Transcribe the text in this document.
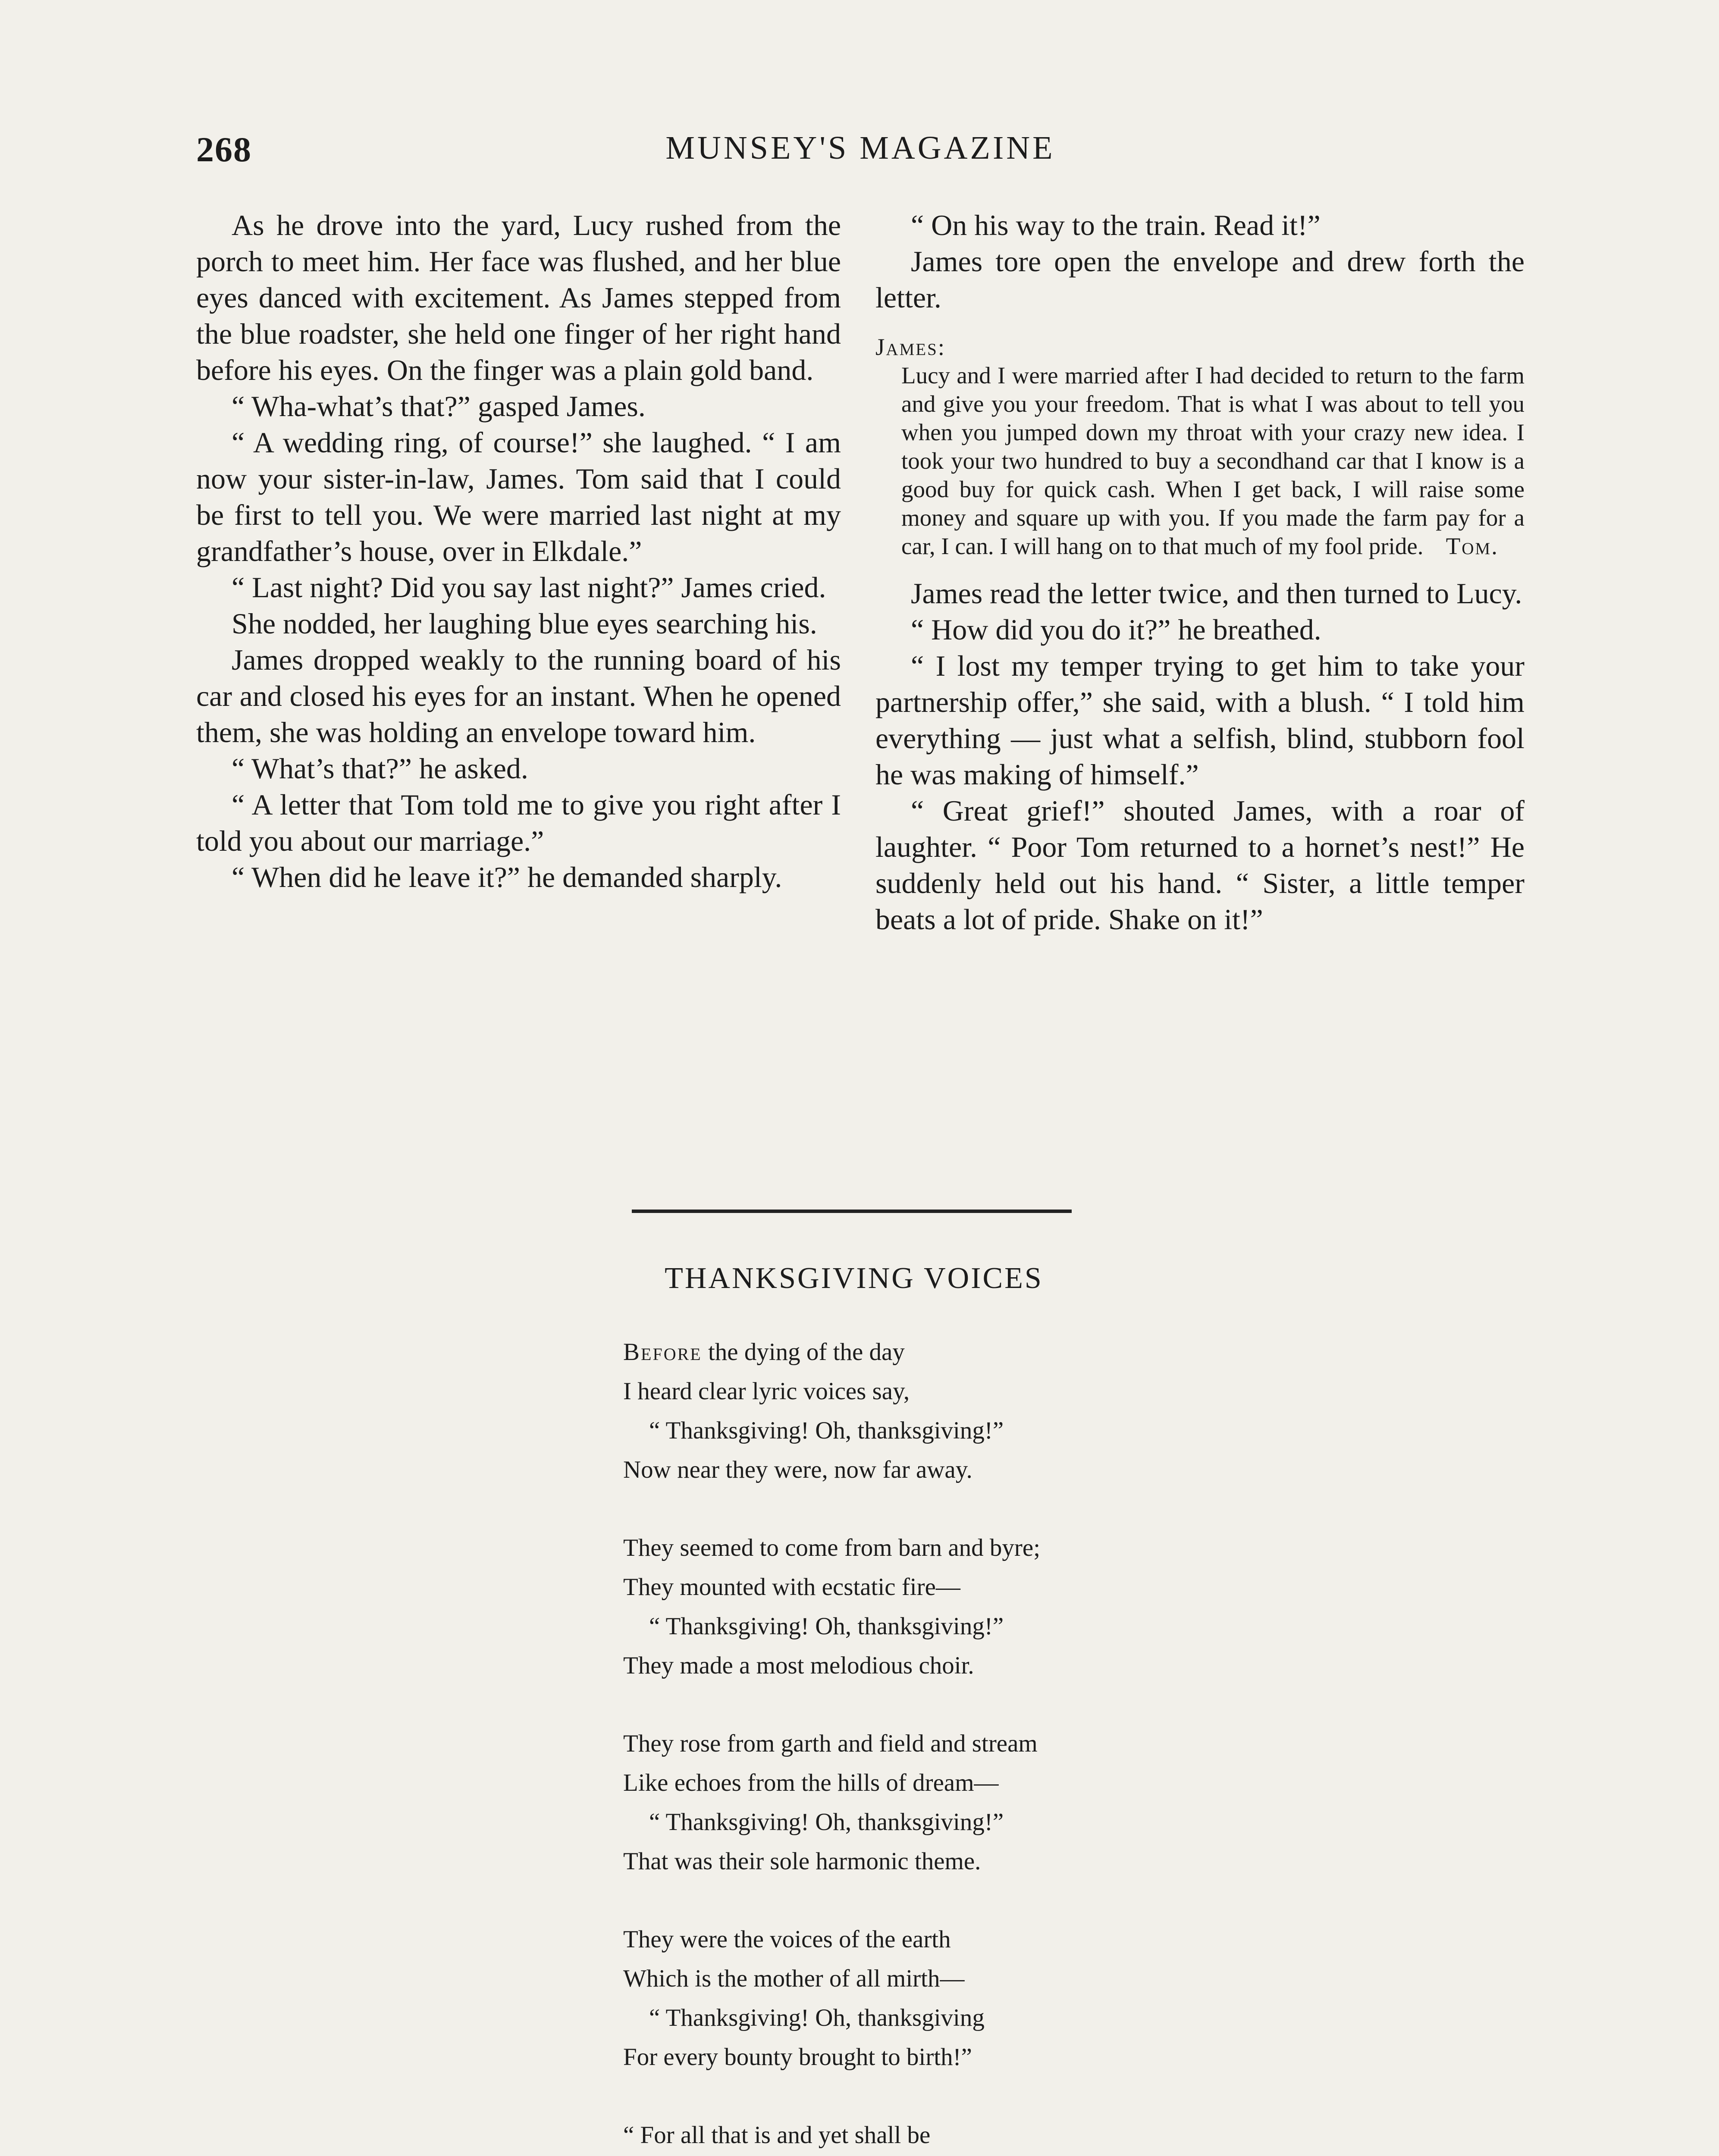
268	MUNSEY'S MAGAZINE

As he drove into the yard, Lucy rushed from the porch to meet him. Her face was flushed, and her blue eyes danced with excitement. As James stepped from the blue roadster, she held one finger of her right hand before his eyes. On the finger was a plain gold band.

“ Wha-what’s that?” gasped James.

“ A wedding ring, of course!” she laughed. “ I am now your sister-in-law, James. Tom said that I could be first to tell you. We were married last night at my grandfather’s house, over in Elkdale.”

“ Last night? Did you say last night?” James cried.

She nodded, her laughing blue eyes searching his.

James dropped weakly to the running board of his car and closed his eyes for an instant. When he opened them, she was holding an envelope toward him.

“ What’s that?” he asked.

“ A letter that Tom told me to give you right after I told you about our marriage.”

“ When did he leave it?” he demanded sharply.

“ On his way to the train. Read it!”

James tore open the envelope and drew forth the letter.

James:

Lucy and I were married after I had decided to return to the farm and give you your freedom. That is what I was about to tell you when you jumped down my throat with your crazy new idea. I took your two hundred to buy a secondhand car that I know is a good buy for quick cash. When I get back, I will raise some money and square up with you. If you made the farm pay for a car, I can. I will hang on to that much of my fool pride. Tom.

James read the letter twice, and then turned to Lucy.

“ How did you do it?” he breathed.

“ I lost my temper trying to get him to take your partnership offer,” she said, with a blush. “ I told him everything — just what a selfish, blind, stubborn fool he was making of himself.”

“ Great grief!” shouted James, with a roar of laughter. “ Poor Tom returned to a hornet’s nest!” He suddenly held out his hand. “ Sister, a little temper beats a lot of pride. Shake on it!”

THANKSGIVING VOICES
Before the dying of the day
I heard clear lyric voices say,
“ Thanksgiving! Oh, thanksgiving!”
Now near they were, now far away.
They seemed to come from barn and byre;
They mounted with ecstatic fire—
“ Thanksgiving! Oh, thanksgiving!”
They made a most melodious choir.
They rose from garth and field and stream
Like echoes from the hills of dream—
“ Thanksgiving! Oh, thanksgiving!”
That was their sole harmonic theme.
They were the voices of the earth
Which is the mother of all mirth—
“ Thanksgiving! Oh, thanksgiving
For every bounty brought to birth!”
“ For all that is and yet shall be
